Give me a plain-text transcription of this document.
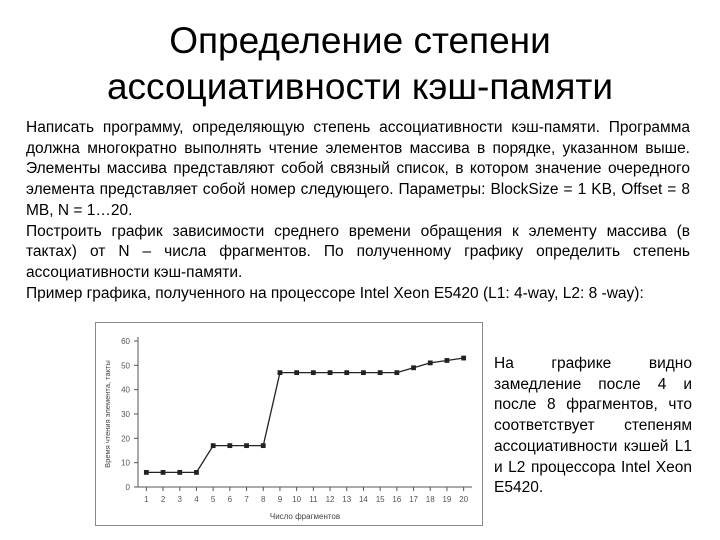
Определение степени
ассоциативности кэш-памяти

Написать программу, определяющую степень ассоциативности кэш-памяти. Программа должна многократно выполнять чтение элементов массива в порядке, указанном выше. Элементы массива представляют собой связный список, в котором значение очередного элемента представляет собой номер следующего. Параметры: BlockSize = 1 KB, Offset = 8 MB, N = 1…20.

Построить график зависимости среднего времени обращения к элементу массива (в тактах) от N – числа фрагментов. По полученному графику определить степень ассоциативности кэш-памяти.

Пример графика, полученного на процессоре Intel Xeon E5420 (L1: 4-way, L2: 8 -way):

0
10
20
30
40
50
60
1 2 3 4 5 6 7 8 9 10 11 12 13 14 15 16 17 18 19 20
Число фрагментов
Время чтения элемента, такты	На графике видно замедление после 4 и после 8 фрагментов, что соответствует степеням ассоциативности кэшей L1 и L2 процессора Intel Xeon E5420.
